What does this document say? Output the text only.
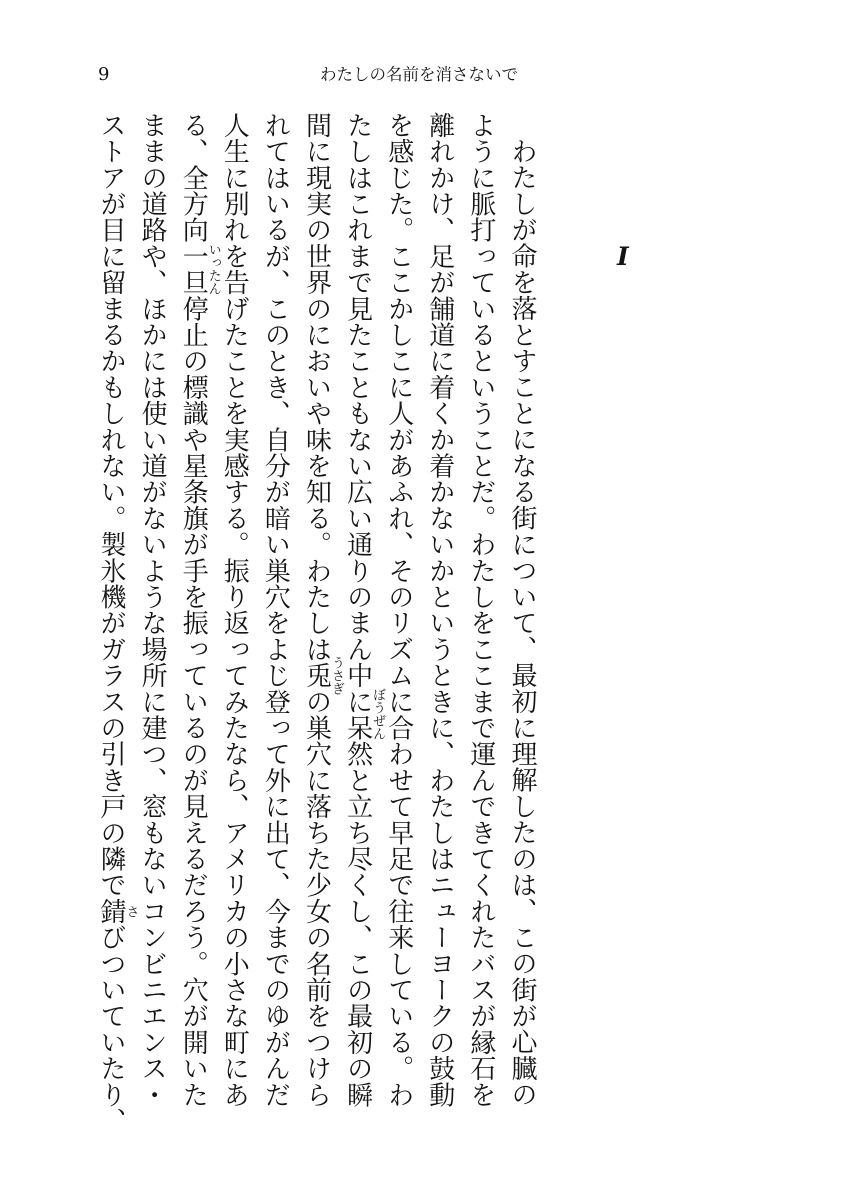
9	わたしの名前を消さないで
I
わたしが命を落とすことになる街について、最初に理解したのは、この街が心臓の
ように脈打っているということだ。わたしをここまで運んできてくれたバスが縁石を
離れかけ、足が舗道に着くか着かないかというときに、わたしはニューヨークの鼓動
を感じた。ここかしこに人があふれ、そのリズムに合わせて早足で往来している。わ
たしはこれまで見たこともない広い通りのまん中に呆然と立ち尽くし、この最初の瞬
ぼうぜん
間に現実の世界のにおいや味を知る。わたしは兎の巣穴に落ちた少女の名前をつけら
うさぎ
れてはいるが、このとき、自分が暗い巣穴をよじ登って外に出て、今までのゆがんだ
人生に別れを告げたことを実感する。振り返ってみたなら、アメリカの小さな町にあ
る、全方向一旦停止の標識や星条旗が手を振っているのが見えるだろう。穴が開いた
いったん
ままの道路や、ほかには使い道がないような場所に建つ、窓もないコンビニエンス・
ストアが目に留まるかもしれない。製氷機がガラスの引き戸の隣で錆びついていたり、
さ
